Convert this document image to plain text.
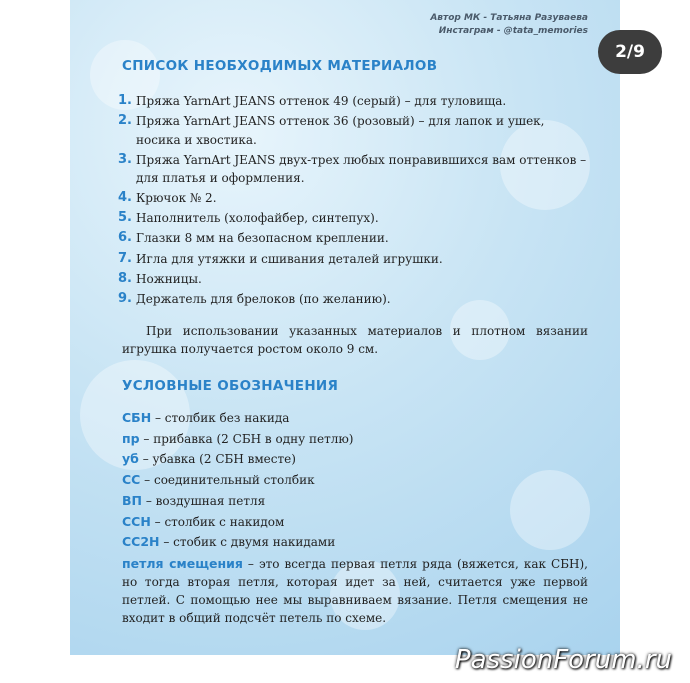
Автор МК - Татьяна Разуваева
Инстаграм - @tata_memories
СПИСОК НЕОБХОДИМЫХ МАТЕРИАЛОВ
1. Пряжа YarnArt JEANS оттенок 49 (серый) – для туловища.
2. Пряжа YarnArt JEANS оттенок 36 (розовый) – для лапок и ушек, носика и хвостика.
3. Пряжа YarnArt JEANS двух-трех любых понравившихся вам оттенков – для платья и оформления.
4. Крючок № 2.
5. Наполнитель (холофайбер, синтепух).
6. Глазки 8 мм на безопасном креплении.
7. Игла для утяжки и сшивания деталей игрушки.
8. Ножницы.
9. Держатель для брелоков (по желанию).
При использовании указанных материалов и плотном вязании игрушка получается ростом около 9 см.
УСЛОВНЫЕ ОБОЗНАЧЕНИЯ
СБН – столбик без накида
пр – прибавка (2 СБН в одну петлю)
уб – убавка (2 СБН вместе)
СС – соединительный столбик
ВП – воздушная петля
ССН – столбик с накидом
СС2Н – стобик с двумя накидами
петля смещения – это всегда первая петля ряда (вяжется, как СБН), но тогда вторая петля, которая идет за ней, считается уже первой петлей. С помощью нее мы выравниваем вязание. Петля смещения не входит в общий подсчёт петель по схеме.
2/9
PassionForum.ru
